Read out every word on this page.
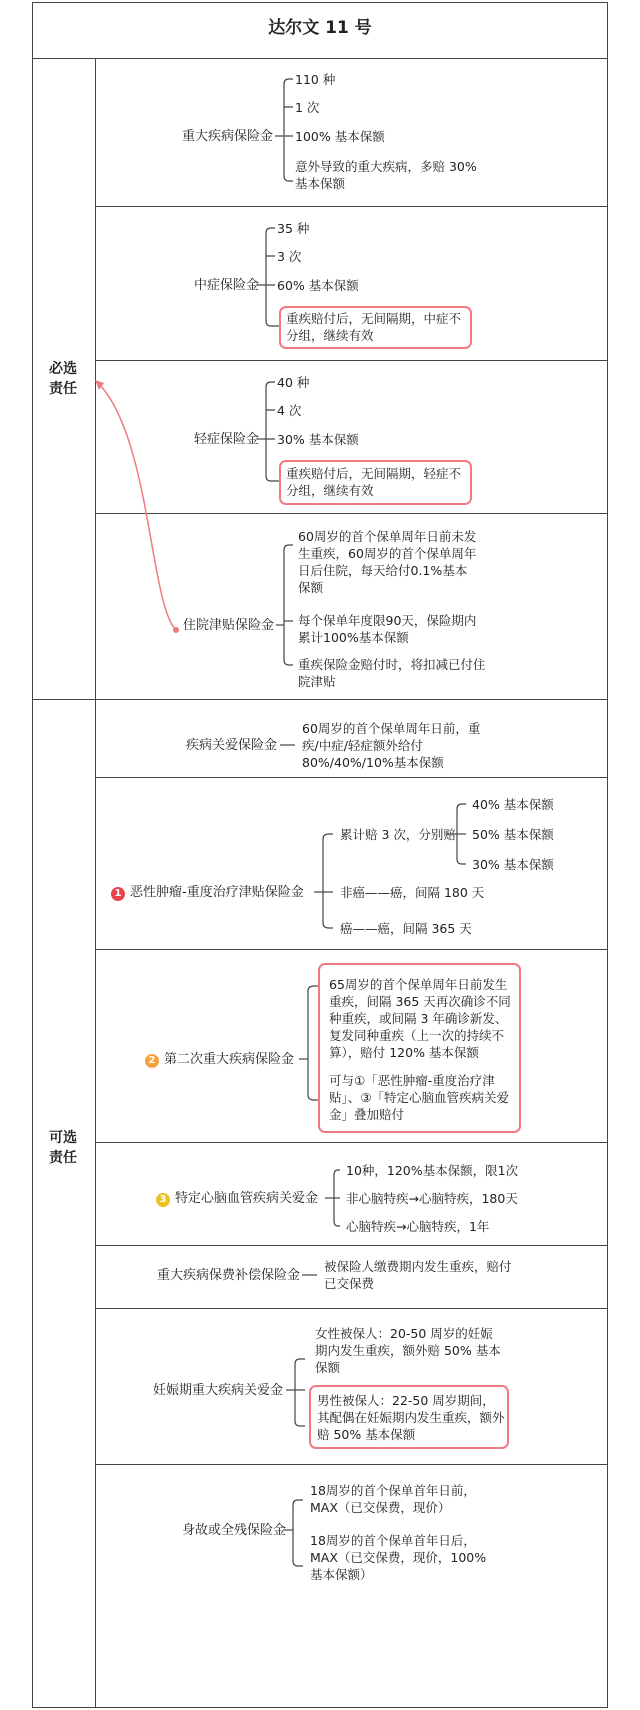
达尔文 11 号
必选
责任
可选
责任
重大疾病保险金
110 种
1 次
100% 基本保额
意外导致的重大疾病，多赔 30% 基本保额
中症保险金
35 种
3 次
60% 基本保额
重疾赔付后，无间隔期，中症不分组，继续有效
轻症保险金
40 种
4 次
30% 基本保额
重疾赔付后，无间隔期，轻症不分组，继续有效
住院津贴保险金
60周岁的首个保单周年日前未发生重疾，60周岁的首个保单周年日后住院，每天给付0.1%基本保额
每个保单年度限90天，保险期内累计100%基本保额
重疾保险金赔付时，将扣减已付住院津贴
疾病关爱保险金
60周岁的首个保单周年日前，重疾/中症/轻症额外给付80%/40%/10%基本保额
1 恶性肿瘤-重度治疗津贴保险金
累计赔 3 次，分别赔
非癌——癌，间隔 180 天
癌——癌，间隔 365 天
40% 基本保额
50% 基本保额
30% 基本保额
2 第二次重大疾病保险金
65周岁的首个保单周年日前发生重疾，间隔 365 天再次确诊不同种重疾，或间隔 3 年确诊新发、复发同种重疾（上一次的持续不算），赔付 120% 基本保额
可与①「恶性肿瘤-重度治疗津贴」、③「特定心脑血管疾病关爱金」叠加赔付
3 特定心脑血管疾病关爱金
10种，120%基本保额，限1次
非心脑特疾→心脑特疾，180天
心脑特疾→心脑特疾，1年
重大疾病保费补偿保险金
被保险人缴费期内发生重疾，赔付已交保费
妊娠期重大疾病关爱金
女性被保人：20-50 周岁的妊娠期内发生重疾，额外赔 50% 基本保额
男性被保人：22-50 周岁期间，其配偶在妊娠期内发生重疾，额外赔 50% 基本保额
身故或全残保险金
18周岁的首个保单首年日前，MAX（已交保费，现价）
18周岁的首个保单首年日后，MAX（已交保费，现价，100% 基本保额）
